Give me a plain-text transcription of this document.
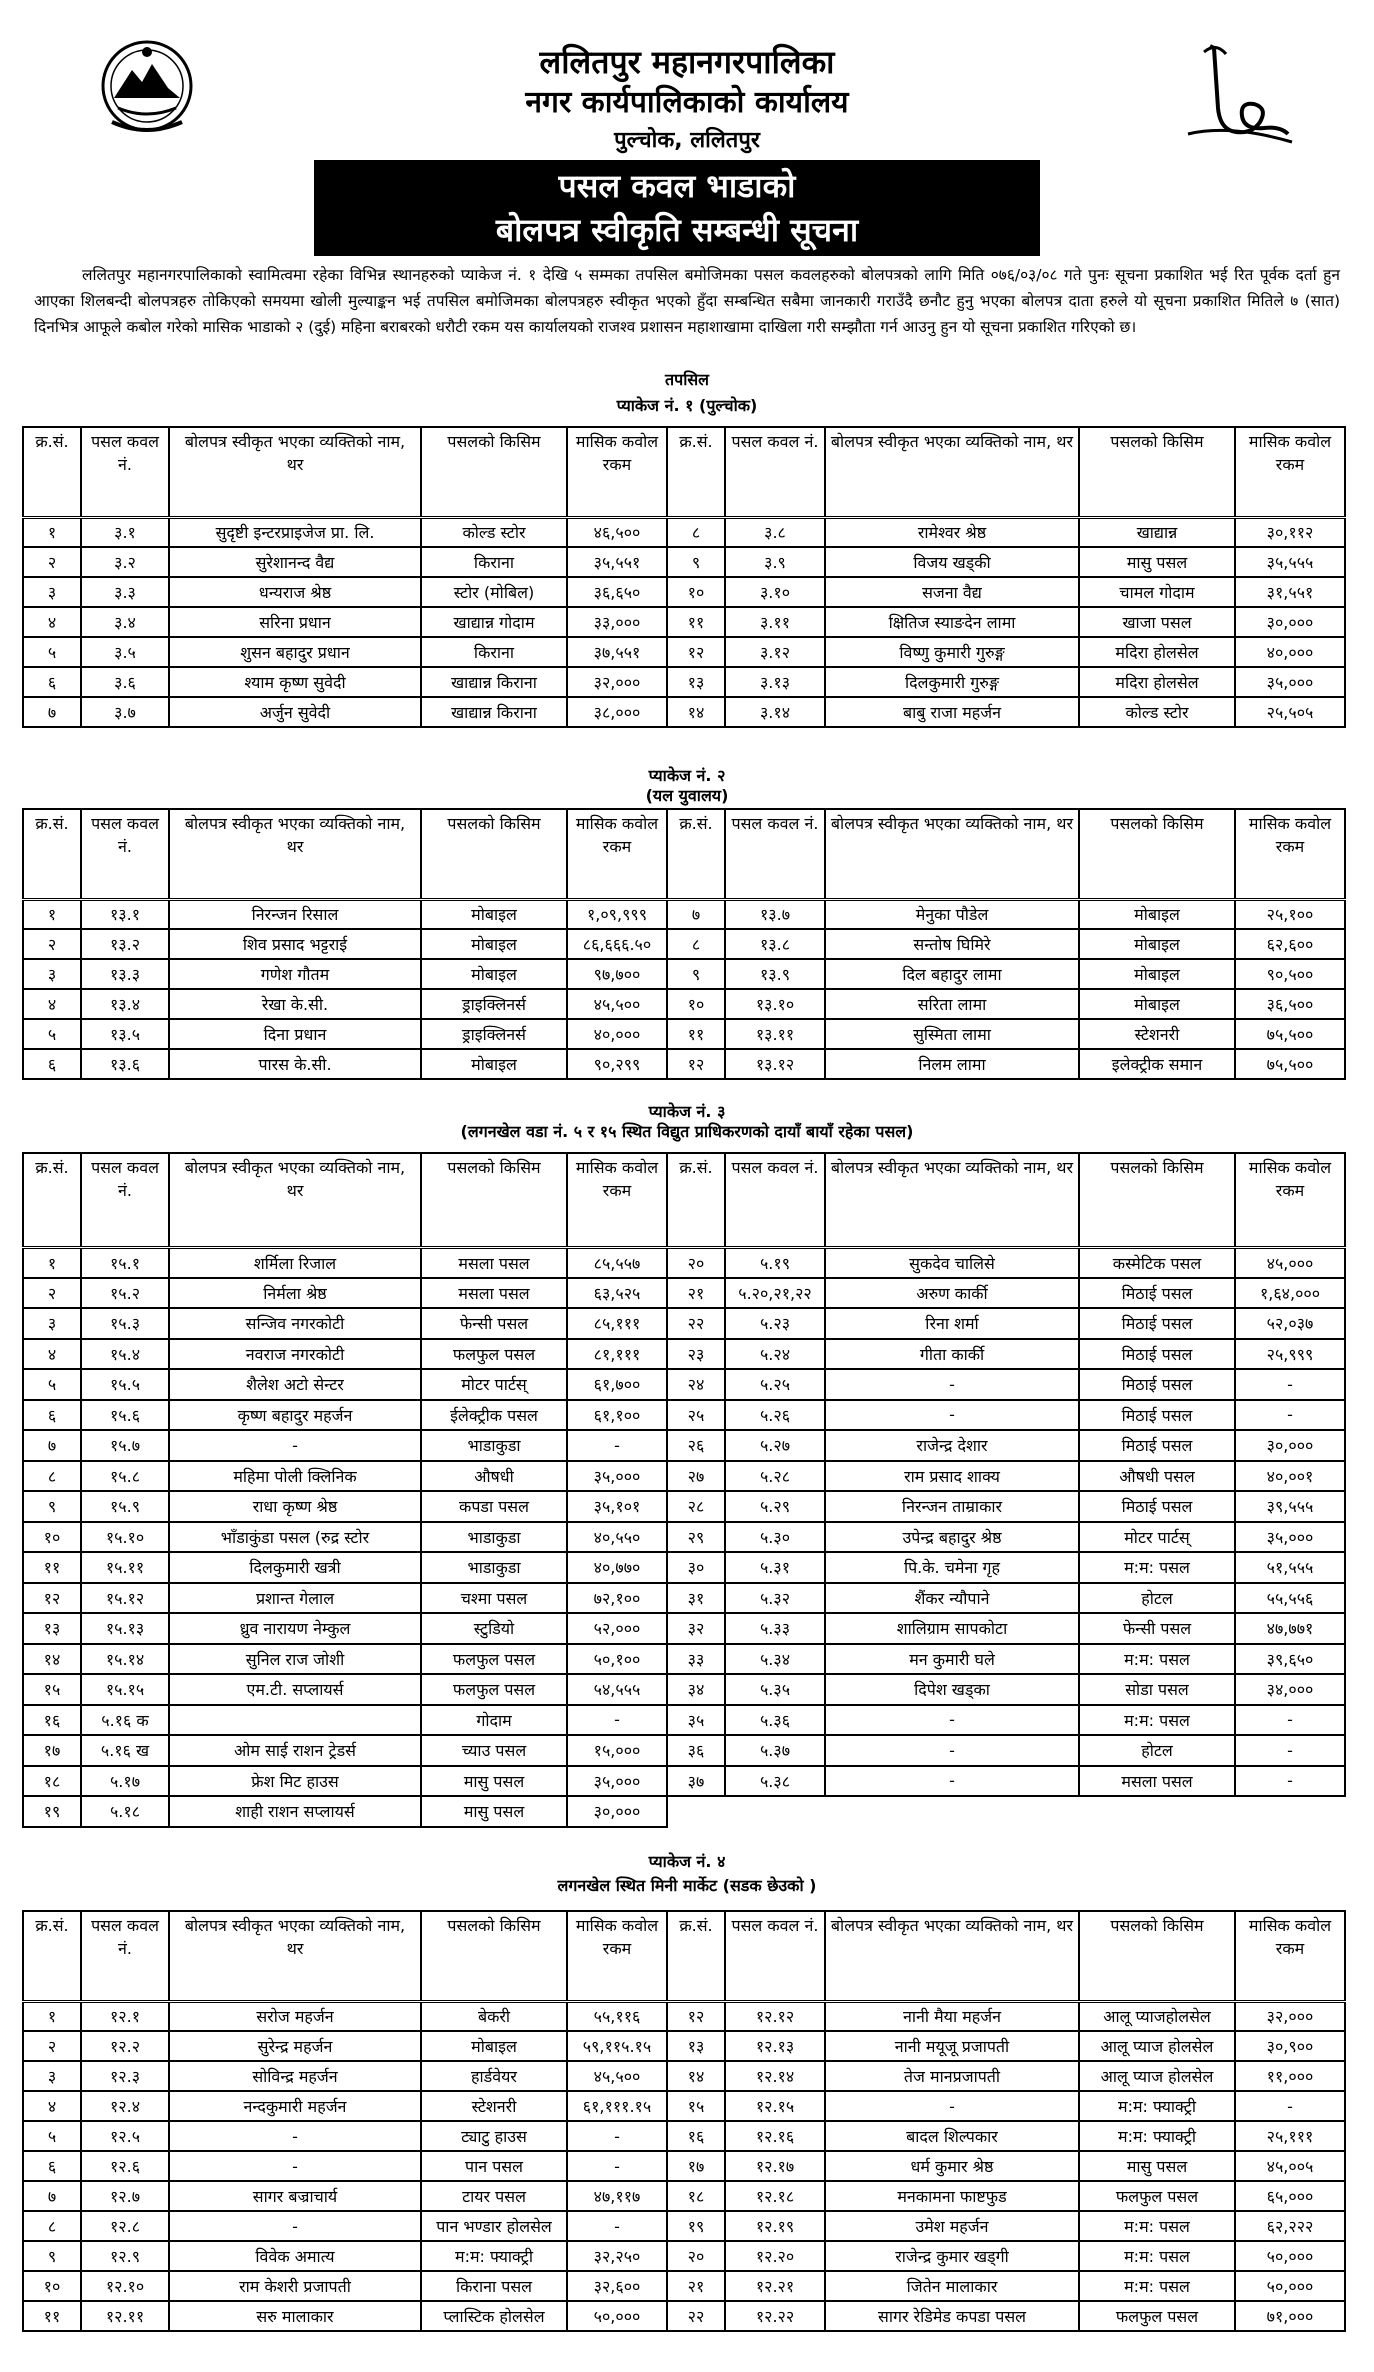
ललितपुर महानगरपालिका
नगर कार्यपालिकाको कार्यालय
पुल्चोक, ललितपुर
पसल कवल भाडाको
बोलपत्र स्वीकृति सम्बन्धी सूचना
ललितपुर महानगरपालिकाको स्वामित्वमा रहेका विभिन्न स्थानहरुको प्याकेज नं. १ देखि ५ सम्मका तपसिल बमोजिमका पसल कवलहरुको बोलपत्रको लागि मिति ०७६/०३/०८ गते पुनः सूचना प्रकाशित भई रित पूर्वक दर्ता हुन आएका शिलबन्दी बोलपत्रहरु तोकिएको समयमा खोली मुल्याङ्कन भई तपसिल बमोजिमका बोलपत्रहरु स्वीकृत भएको हुँदा सम्बन्धित सबैमा जानकारी गराउँदै छनौट हुनु भएका बोलपत्र दाता हरुले यो सूचना प्रकाशित मितिले ७ (सात) दिनभित्र आफूले कबोल गरेको मासिक भाडाको २ (दुई) महिना बराबरको धरौटी रकम यस कार्यालयको राजश्व प्रशासन महाशाखामा दाखिला गरी सम्झौता गर्न आउनु हुन यो सूचना प्रकाशित गरिएको छ।
तपसिल
प्याकेज नं. १ (पुल्चोक)
क्र.सं.	पसल कवल नं.	बोलपत्र स्वीकृत भएका व्यक्तिको नाम, थर	पसलको किसिम	मासिक कवोल रकम	क्र.सं.	पसल कवल नं.	बोलपत्र स्वीकृत भएका व्यक्तिको नाम, थर	पसलको किसिम	मासिक कवोल रकम
१	३.१	सुदृष्टी इन्टरप्राइजेज प्रा. लि.	कोल्ड स्टोर	४६,५००	८	३.८	रामेश्वर श्रेष्ठ	खाद्यान्न	३०,११२
२	३.२	सुरेशानन्द वैद्य	किराना	३५,५५१	९	३.९	विजय खड्की	मासु पसल	३५,५५५
३	३.३	धन्यराज श्रेष्ठ	स्टोर (मोबिल)	३६,६५०	१०	३.१०	सजना वैद्य	चामल गोदाम	३१,५५१
४	३.४	सरिना प्रधान	खाद्यान्न गोदाम	३३,०००	११	३.११	क्षितिज स्याङदेन लामा	खाजा पसल	३०,०००
५	३.५	शुसन बहादुर प्रधान	किराना	३७,५५१	१२	३.१२	विष्णु कुमारी गुरुङ्ग	मदिरा होलसेल	४०,०००
६	३.६	श्याम कृष्ण सुवेदी	खाद्यान्न किराना	३२,०००	१३	३.१३	दिलकुमारी गुरुङ्ग	मदिरा होलसेल	३५,०००
७	३.७	अर्जुन सुवेदी	खाद्यान्न किराना	३८,०००	१४	३.१४	बाबु राजा महर्जन	कोल्ड स्टोर	२५,५०५
प्याकेज नं. २
(यल युवालय)
क्र.सं.	पसल कवल नं.	बोलपत्र स्वीकृत भएका व्यक्तिको नाम, थर	पसलको किसिम	मासिक कवोल रकम	क्र.सं.	पसल कवल नं.	बोलपत्र स्वीकृत भएका व्यक्तिको नाम, थर	पसलको किसिम	मासिक कवोल रकम
१	१३.१	निरन्जन रिसाल	मोबाइल	१,०९,९९९	७	१३.७	मेनुका पौडेल	मोबाइल	२५,१००
२	१३.२	शिव प्रसाद भट्टराई	मोबाइल	८६,६६६.५०	८	१३.८	सन्तोष घिमिरे	मोबाइल	६२,६००
३	१३.३	गणेश गौतम	मोबाइल	९७,७००	९	१३.९	दिल बहादुर लामा	मोबाइल	९०,५००
४	१३.४	रेखा के.सी.	ड्राइक्लिनर्स	४५,५००	१०	१३.१०	सरिता लामा	मोबाइल	३६,५००
५	१३.५	दिना प्रधान	ड्राइक्लिनर्स	४०,०००	११	१३.११	सुस्मिता लामा	स्टेशनरी	७५,५००
६	१३.६	पारस के.सी.	मोबाइल	९०,२९९	१२	१३.१२	निलम लामा	इलेक्ट्रीक समान	७५,५००
प्याकेज नं. ३
(लगनखेल वडा नं. ५ र १५ स्थित विद्युत प्राधिकरणको दायाँ बायाँ रहेका पसल)
क्र.सं.	पसल कवल नं.	बोलपत्र स्वीकृत भएका व्यक्तिको नाम, थर	पसलको किसिम	मासिक कवोल रकम	क्र.सं.	पसल कवल नं.	बोलपत्र स्वीकृत भएका व्यक्तिको नाम, थर	पसलको किसिम	मासिक कवोल रकम
१	१५.१	शर्मिला रिजाल	मसला पसल	८५,५५७	२०	५.१९	सुकदेव चालिसे	कस्मेटिक पसल	४५,०००
२	१५.२	निर्मला श्रेष्ठ	मसला पसल	६३,५२५	२१	५.२०,२१,२२	अरुण कार्की	मिठाई पसल	१,६४,०००
३	१५.३	सन्जिव नगरकोटी	फेन्सी पसल	८५,१११	२२	५.२३	रिना शर्मा	मिठाई पसल	५२,०३७
४	१५.४	नवराज नगरकोटी	फलफुल पसल	८१,१११	२३	५.२४	गीता कार्की	मिठाई पसल	२५,९९९
५	१५.५	शैलेश अटो सेन्टर	मोटर पार्टस्	६१,७००	२४	५.२५	-	मिठाई पसल	-
६	१५.६	कृष्ण बहादुर महर्जन	ईलेक्ट्रीक पसल	६१,१००	२५	५.२६	-	मिठाई पसल	-
७	१५.७	-	भाडाकुडा	-	२६	५.२७	राजेन्द्र देशार	मिठाई पसल	३०,०००
८	१५.८	महिमा पोली क्लिनिक	औषधी	३५,०००	२७	५.२८	राम प्रसाद शाक्य	औषधी पसल	४०,००१
९	१५.९	राधा कृष्ण श्रेष्ठ	कपडा पसल	३५,१०१	२८	५.२९	निरन्जन ताम्राकार	मिठाई पसल	३९,५५५
१०	१५.१०	भाँडाकुंडा पसल (रुद्र स्टोर	भाडाकुडा	४०,५५०	२९	५.३०	उपेन्द्र बहादुर श्रेष्ठ	मोटर पार्टस्	३५,०००
११	१५.११	दिलकुमारी खत्री	भाडाकुडा	४०,७७०	३०	५.३१	पि.के. चमेना गृह	म:म: पसल	५१,५५५
१२	१५.१२	प्रशान्त गेलाल	चश्मा पसल	७२,१००	३१	५.३२	शैंकर न्यौपाने	होटल	५५,५५६
१३	१५.१३	ध्रुव नारायण नेम्कुल	स्टुडियो	५२,०००	३२	५.३३	शालिग्राम सापकोटा	फेन्सी पसल	४७,७७१
१४	१५.१४	सुनिल राज जोशी	फलफुल पसल	५०,१००	३३	५.३४	मन कुमारी घले	म:म: पसल	३९,६५०
१५	१५.१५	एम.टी. सप्लायर्स	फलफुल पसल	५४,५५५	३४	५.३५	दिपेश खड्का	सोडा पसल	३४,०००
१६	५.१६ क		गोदाम	-	३५	५.३६	-	म:म: पसल	-
१७	५.१६ ख	ओम साई राशन ट्रेडर्स	च्याउ पसल	१५,०००	३६	५.३७	-	होटल	-
१८	५.१७	फ्रेश मिट हाउस	मासु पसल	३५,०००	३७	५.३८	-	मसला पसल	-
१९	५.१८	शाही राशन सप्लायर्स	मासु पसल	३०,०००					
प्याकेज नं. ४
लगनखेल स्थित मिनी मार्केट (सडक छेउको )
क्र.सं.	पसल कवल नं.	बोलपत्र स्वीकृत भएका व्यक्तिको नाम, थर	पसलको किसिम	मासिक कवोल रकम	क्र.सं.	पसल कवल नं.	बोलपत्र स्वीकृत भएका व्यक्तिको नाम, थर	पसलको किसिम	मासिक कवोल रकम
१	१२.१	सरोज महर्जन	बेकरी	५५,११६	१२	१२.१२	नानी मैया महर्जन	आलू प्याजहोलसेल	३२,०००
२	१२.२	सुरेन्द्र महर्जन	मोबाइल	५९,११५.१५	१३	१२.१३	नानी मयूजू प्रजापती	आलू प्याज होलसेल	३०,९००
३	१२.३	सोविन्द्र महर्जन	हार्डवेयर	४५,५००	१४	१२.१४	तेज मानप्रजापती	आलू प्याज होलसेल	११,०००
४	१२.४	नन्दकुमारी महर्जन	स्टेशनरी	६१,१११.१५	१५	१२.१५	-	म:म: फ्याक्ट्री	-
५	१२.५	-	ट्याटु हाउस	-	१६	१२.१६	बादल शिल्पकार	म:म: फ्याक्ट्री	२५,१११
६	१२.६	-	पान पसल	-	१७	१२.१७	धर्म कुमार श्रेष्ठ	मासु पसल	४५,००५
७	१२.७	सागर बज्राचार्य	टायर पसल	४७,११७	१८	१२.१८	मनकामना फाष्टफुड	फलफुल पसल	६५,०००
८	१२.८	-	पान भण्डार होलसेल	-	१९	१२.१९	उमेश महर्जन	म:म: पसल	६२,२२२
९	१२.९	विवेक अमात्य	म:म: फ्याक्ट्री	३२,२५०	२०	१२.२०	राजेन्द्र कुमार खड्गी	म:म: पसल	५०,०००
१०	१२.१०	राम केशरी प्रजापती	किराना पसल	३२,६००	२१	१२.२१	जितेन मालाकार	म:म: पसल	५०,०००
११	१२.११	सरु मालाकार	प्लास्टिक होलसेल	५०,०००	२२	१२.२२	सागर रेडिमेड कपडा पसल	फलफुल पसल	७१,०००
